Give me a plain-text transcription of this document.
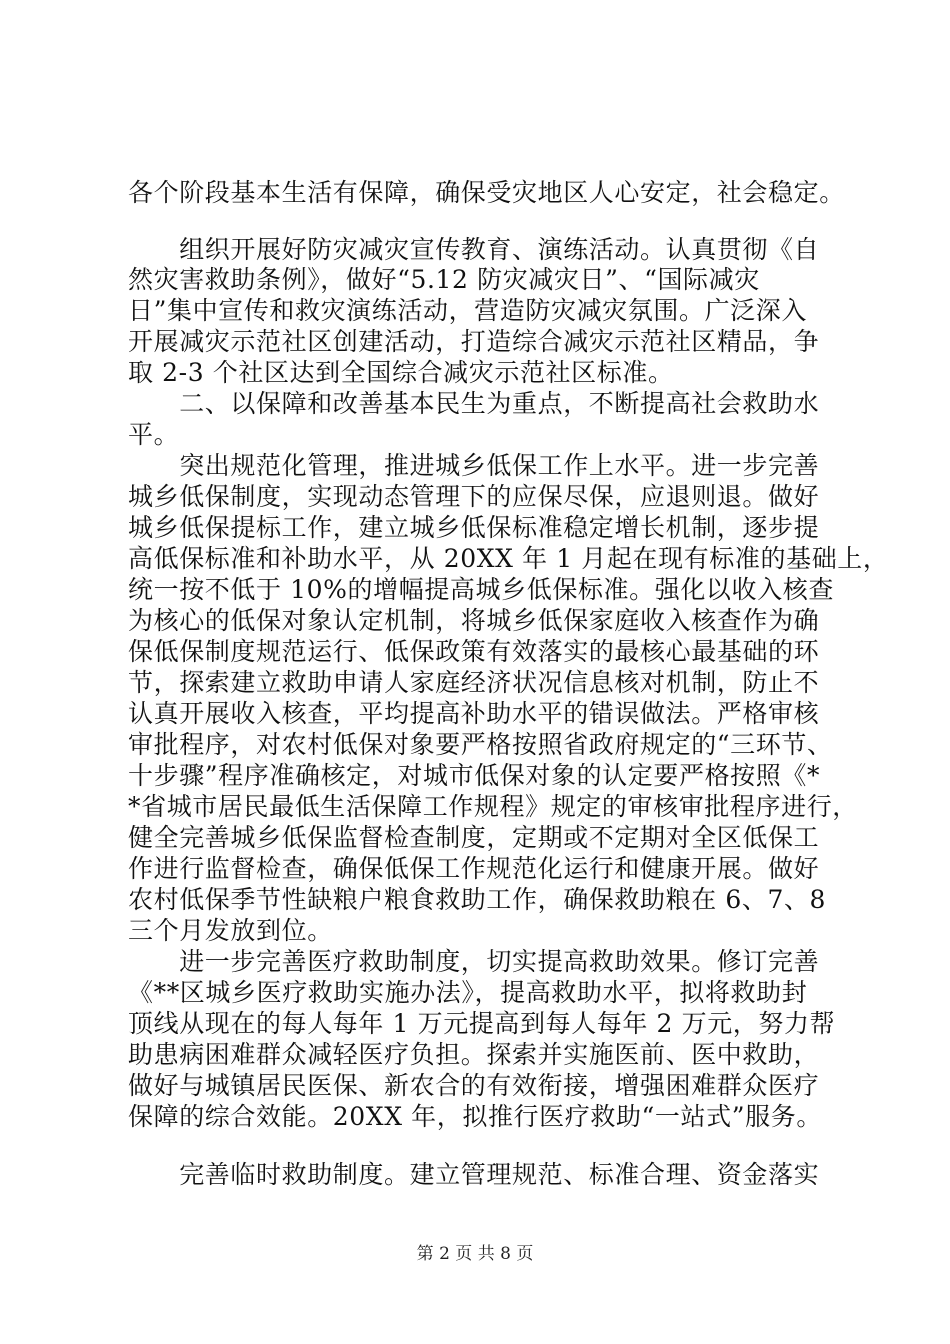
各个阶段基本生活有保障，确保受灾地区人心安定，社会稳定。
　　组织开展好防灾减灾宣传教育、演练活动。认真贯彻《自
然灾害救助条例》，做好“5.12 防灾减灾日”、“国际减灾
日”集中宣传和救灾演练活动，营造防灾减灾氛围。广泛深入
开展减灾示范社区创建活动，打造综合减灾示范社区精品，争
取 2-3 个社区达到全国综合减灾示范社区标准。
　　二、以保障和改善基本民生为重点，不断提高社会救助水
平。
　　突出规范化管理，推进城乡低保工作上水平。进一步完善
城乡低保制度，实现动态管理下的应保尽保，应退则退。做好
城乡低保提标工作，建立城乡低保标准稳定增长机制，逐步提
高低保标准和补助水平，从 20XX 年 1 月起在现有标准的基础上，
统一按不低于 10%的增幅提高城乡低保标准。强化以收入核查
为核心的低保对象认定机制，将城乡低保家庭收入核查作为确
保低保制度规范运行、低保政策有效落实的最核心最基础的环
节，探索建立救助申请人家庭经济状况信息核对机制，防止不
认真开展收入核查，平均提高补助水平的错误做法。严格审核
审批程序，对农村低保对象要严格按照省政府规定的“三环节、
十步骤”程序准确核定，对城市低保对象的认定要严格按照《*
*省城市居民最低生活保障工作规程》规定的审核审批程序进行，
健全完善城乡低保监督检查制度，定期或不定期对全区低保工
作进行监督检查，确保低保工作规范化运行和健康开展。做好
农村低保季节性缺粮户粮食救助工作，确保救助粮在 6、7、8
三个月发放到位。
　　进一步完善医疗救助制度，切实提高救助效果。修订完善
《**区城乡医疗救助实施办法》，提高救助水平，拟将救助封
顶线从现在的每人每年 1 万元提高到每人每年 2 万元，努力帮
助患病困难群众减轻医疗负担。探索并实施医前、医中救助，
做好与城镇居民医保、新农合的有效衔接，增强困难群众医疗
保障的综合效能。20XX 年，拟推行医疗救助“一站式”服务。
　　完善临时救助制度。建立管理规范、标准合理、资金落实
第 2 页 共 8 页
